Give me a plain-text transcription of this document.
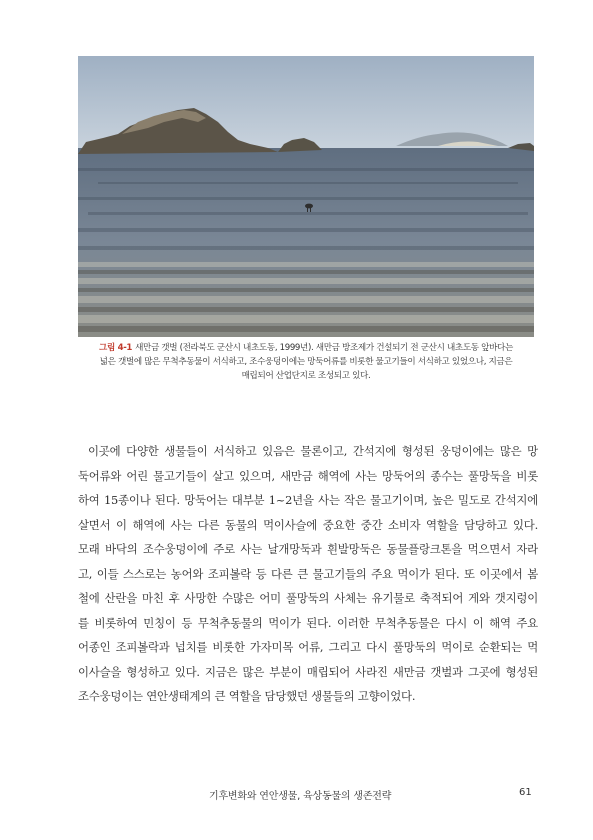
그림 4-1 새만금 갯벌 (전라북도 군산시 내초도동, 1999년). 새만금 방조제가 건설되기 전 군산시 내초도동 앞바다는
넓은 갯벌에 많은 무척추동물이 서식하고, 조수웅덩이에는 망둑어류를 비롯한 물고기들이 서식하고 있었으나, 지금은
매립되어 산업단지로 조성되고 있다.
이곳에 다양한 생물들이 서식하고 있음은 물론이고, 간석지에 형성된 웅덩이에는 많은 망
둑어류와 어린 물고기들이 살고 있으며, 새만금 해역에 사는 망둑어의 종수는 풀망둑을 비롯
하여 15종이나 된다. 망둑어는 대부분 1~2년을 사는 작은 물고기이며, 높은 밀도로 간석지에
살면서 이 해역에 사는 다른 동물의 먹이사슬에 중요한 중간 소비자 역할을 담당하고 있다.
모래 바닥의 조수웅덩이에 주로 사는 날개망둑과 흰발망둑은 동물플랑크톤을 먹으면서 자라
고, 이들 스스로는 농어와 조피볼락 등 다른 큰 물고기들의 주요 먹이가 된다. 또 이곳에서 봄
철에 산란을 마친 후 사망한 수많은 어미 풀망둑의 사체는 유기물로 축적되어 게와 갯지렁이
를 비롯하여 민칭이 등 무척추동물의 먹이가 된다. 이러한 무척추동물은 다시 이 해역 주요
어종인 조피볼락과 넙치를 비롯한 가자미목 어류, 그리고 다시 풀망둑의 먹이로 순환되는 먹
이사슬을 형성하고 있다. 지금은 많은 부분이 매립되어 사라진 새만금 갯벌과 그곳에 형성된
조수웅덩이는 연안생태계의 큰 역할을 담당했던 생물들의 고향이었다.
기후변화와 연안생물, 육상동물의 생존전략	61
